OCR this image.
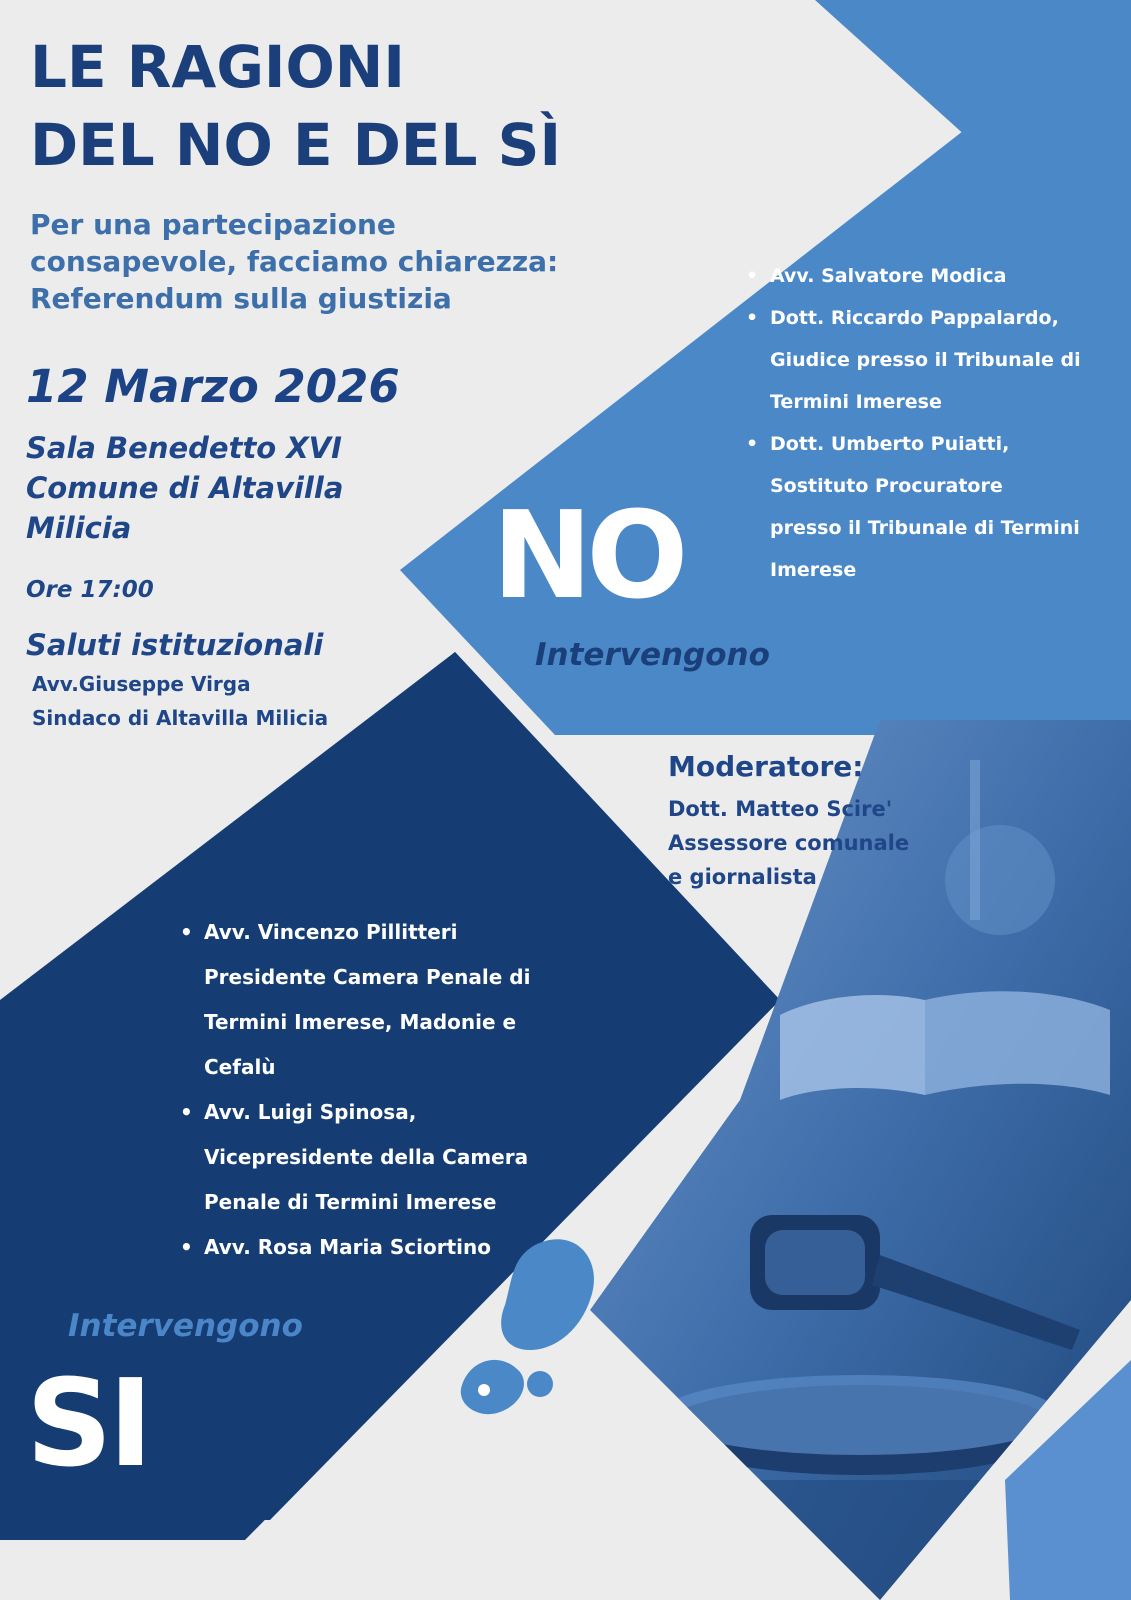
LE RAGIONI
DEL NO E DEL SÌ
Per una partecipazione
consapevole, facciamo chiarezza:
Referendum sulla giustizia
12 Marzo 2026
Sala Benedetto XVI
Comune di Altavilla
Milicia
Ore 17:00
Saluti istituzionali
Avv.Giuseppe Virga
Sindaco di Altavilla Milicia
NO
Intervengono
• Avv. Salvatore Modica
• Dott. Riccardo Pappalardo,
Giudice presso il Tribunale di
Termini Imerese
• Dott. Umberto Puiatti,
Sostituto Procuratore
presso il Tribunale di Termini
Imerese
Moderatore:
Dott. Matteo Scire'
Assessore comunale
e giornalista
• Avv. Vincenzo Pillitteri
Presidente Camera Penale di
Termini Imerese, Madonie e
Cefalù
• Avv. Luigi Spinosa,
Vicepresidente della Camera
Penale di Termini Imerese
• Avv. Rosa Maria Sciortino
Intervengono
SI
